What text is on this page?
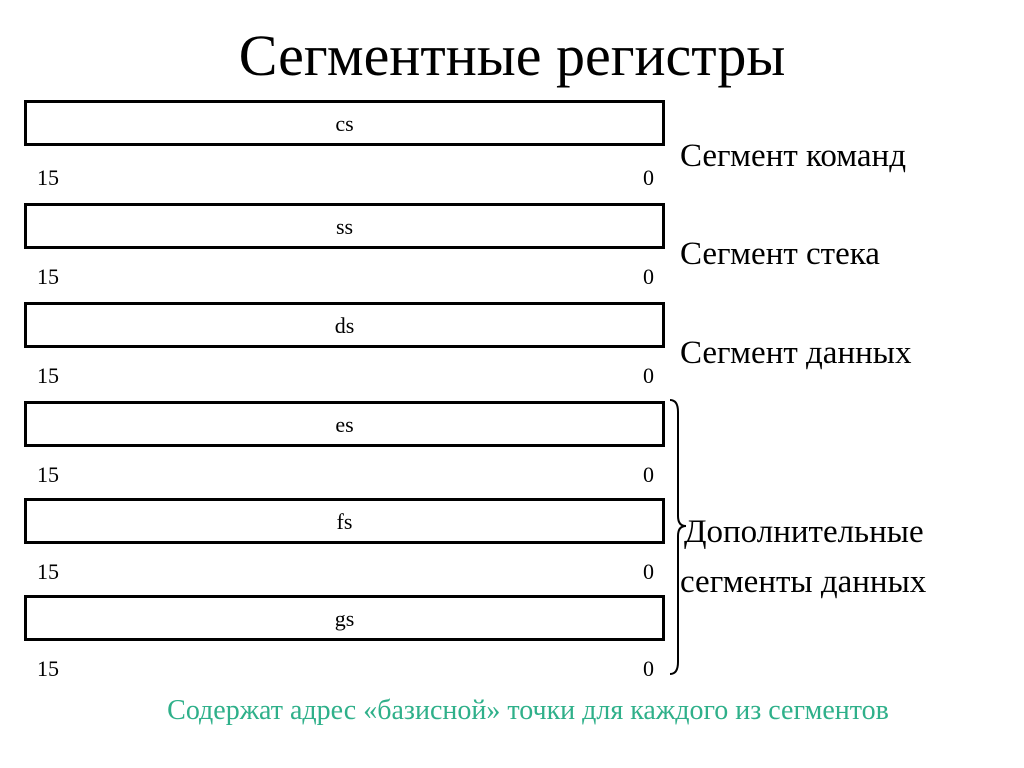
Сегментные регистры
cs
15	0
ss
15	0
ds
15	0
es
15	0
fs
15	0
gs
15	0
Сегмент команд
Сегмент стека
Сегмент данных
Дополнительные
сегменты данных
Содержат адрес «базисной» точки для каждого из сегментов
